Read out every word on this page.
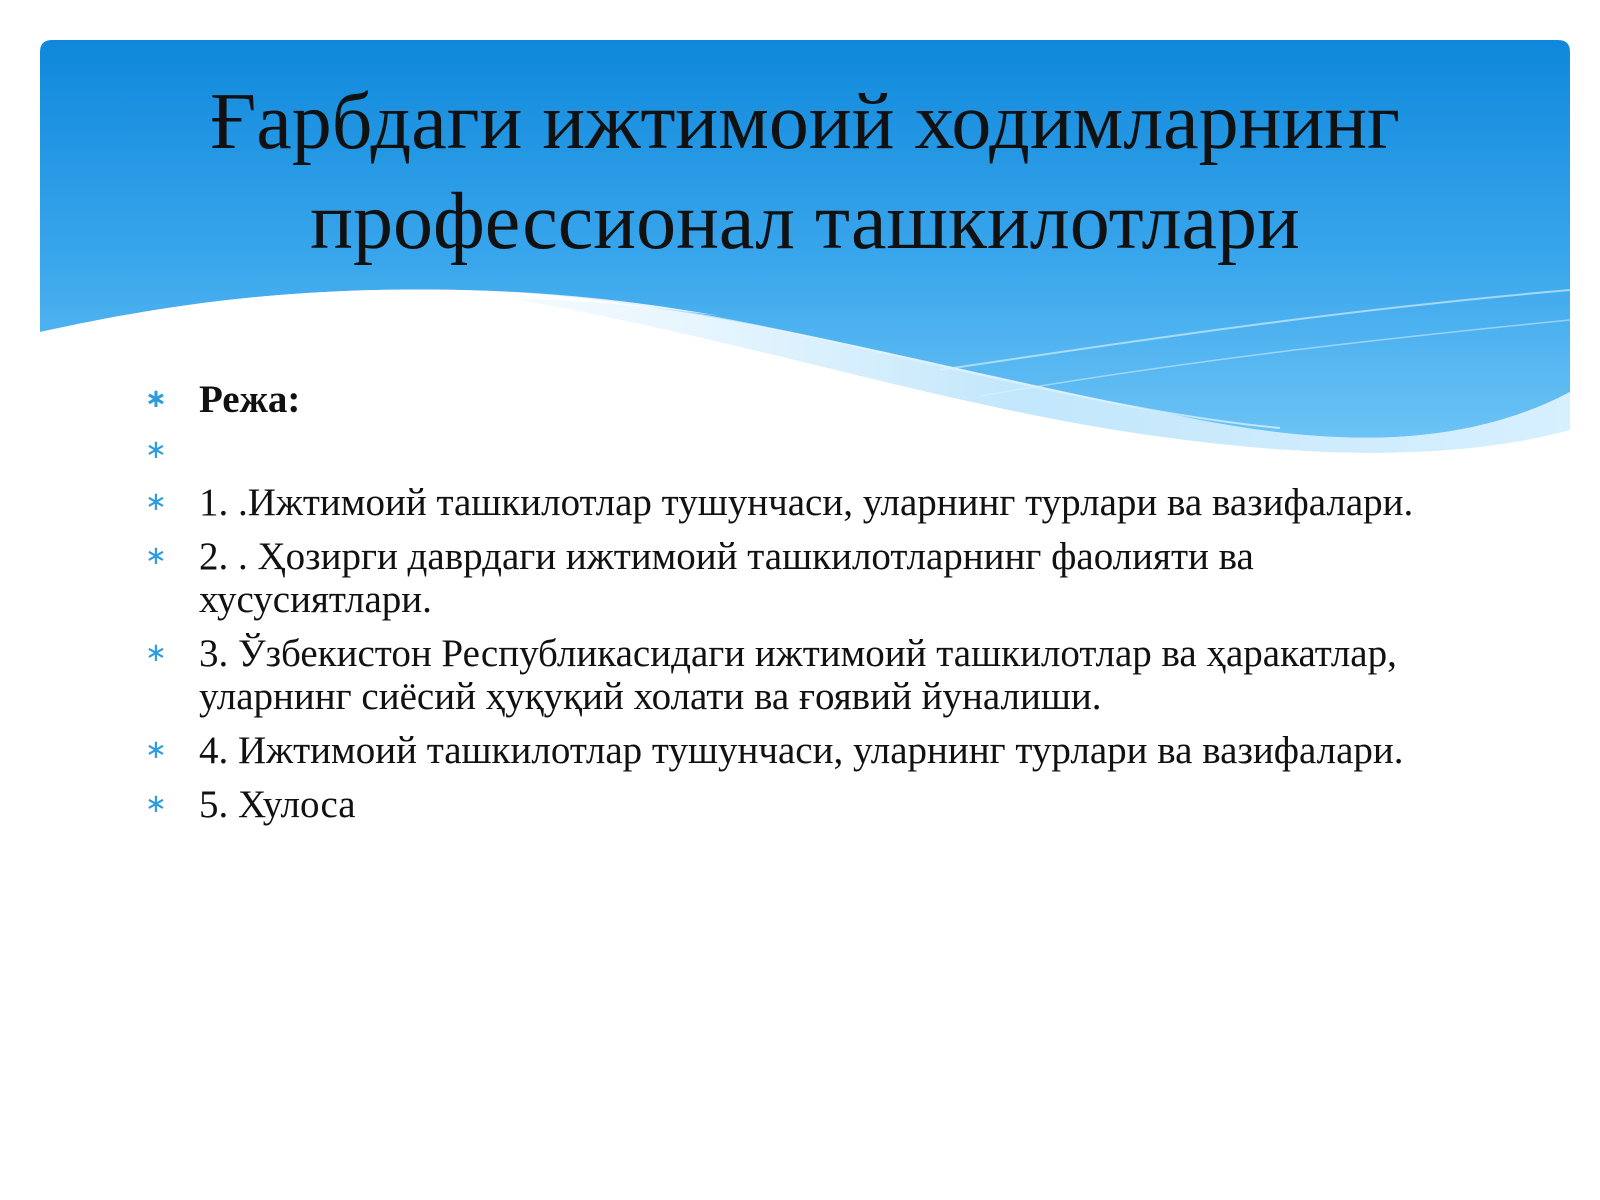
Ғарбдаги ижтимоий ходимларнинг
профессионал ташкилотлари
∗ Режа:
∗
∗ 1. .Ижтимоий ташкилотлар тушунчаси, уларнинг турлари ва вазифалари.
∗ 2. . Ҳозирги даврдаги ижтимоий ташкилотларнинг фаолияти ва хусусиятлари.
∗ 3. Ўзбекистон Республикасидаги ижтимоий ташкилотлар ва ҳаракатлар, уларнинг сиёсий ҳуқуқий холати ва ғоявий йуналиши.
∗ 4. Ижтимоий ташкилотлар тушунчаси, уларнинг турлари ва вазифалари.
∗ 5. Хулоса
